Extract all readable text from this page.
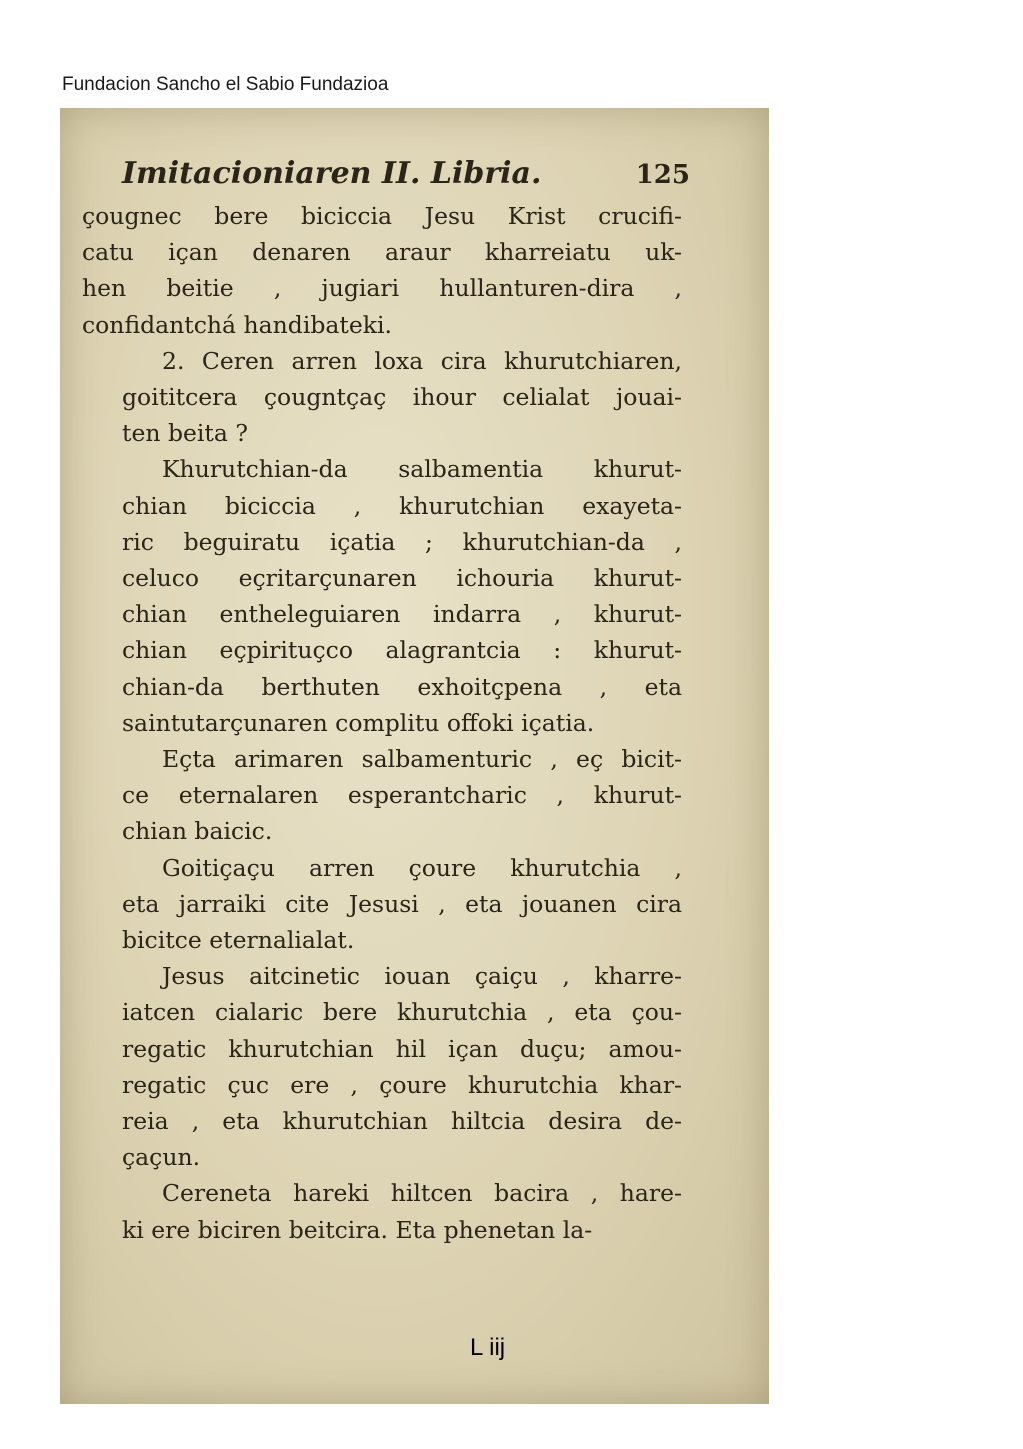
Fundacion Sancho el Sabio Fundazioa
Imitacioniaren II. Libria.	125

çougnec bere biciccia Jesu Krist crucifi-
catu içan denaren araur kharreiatu uk-
hen beitie , jugiari hullanturen-dira ,
confidantchá handibateki.

2. Ceren arren loxa cira khurutchiaren,
goititcera çougntçaç ihour celialat jouai-
ten beita ?

Khurutchian-da salbamentia khurut-
chian biciccia , khurutchian exayeta-
ric beguiratu içatia ; khurutchian-da ,
celuco eçritarçunaren ichouria khurut-
chian entheleguiaren indarra , khurut-
chian eçpirituçco alagrantcia : khurut-
chian-da berthuten exhoitçpena , eta
saintutarçunaren complitu offoki içatia.

Eçta arimaren salbamenturic , eç bicit-
ce eternalaren esperantcharic , khurut-
chian baicic.

Goitiçaçu arren çoure khurutchia ,
eta jarraiki cite Jesusi , eta jouanen cira
bicitce eternalialat.

Jesus aitcinetic iouan çaiçu , kharre-
iatcen cialaric bere khurutchia , eta çou-
regatic khurutchian hil içan duçu; amou-
regatic çuc ere , çoure khurutchia khar-
reia , eta khurutchian hiltcia desira de-
çaçun.

Cereneta hareki hiltcen bacira , hare-
ki ere biciren beitcira. Eta phenetan la-

L iij
